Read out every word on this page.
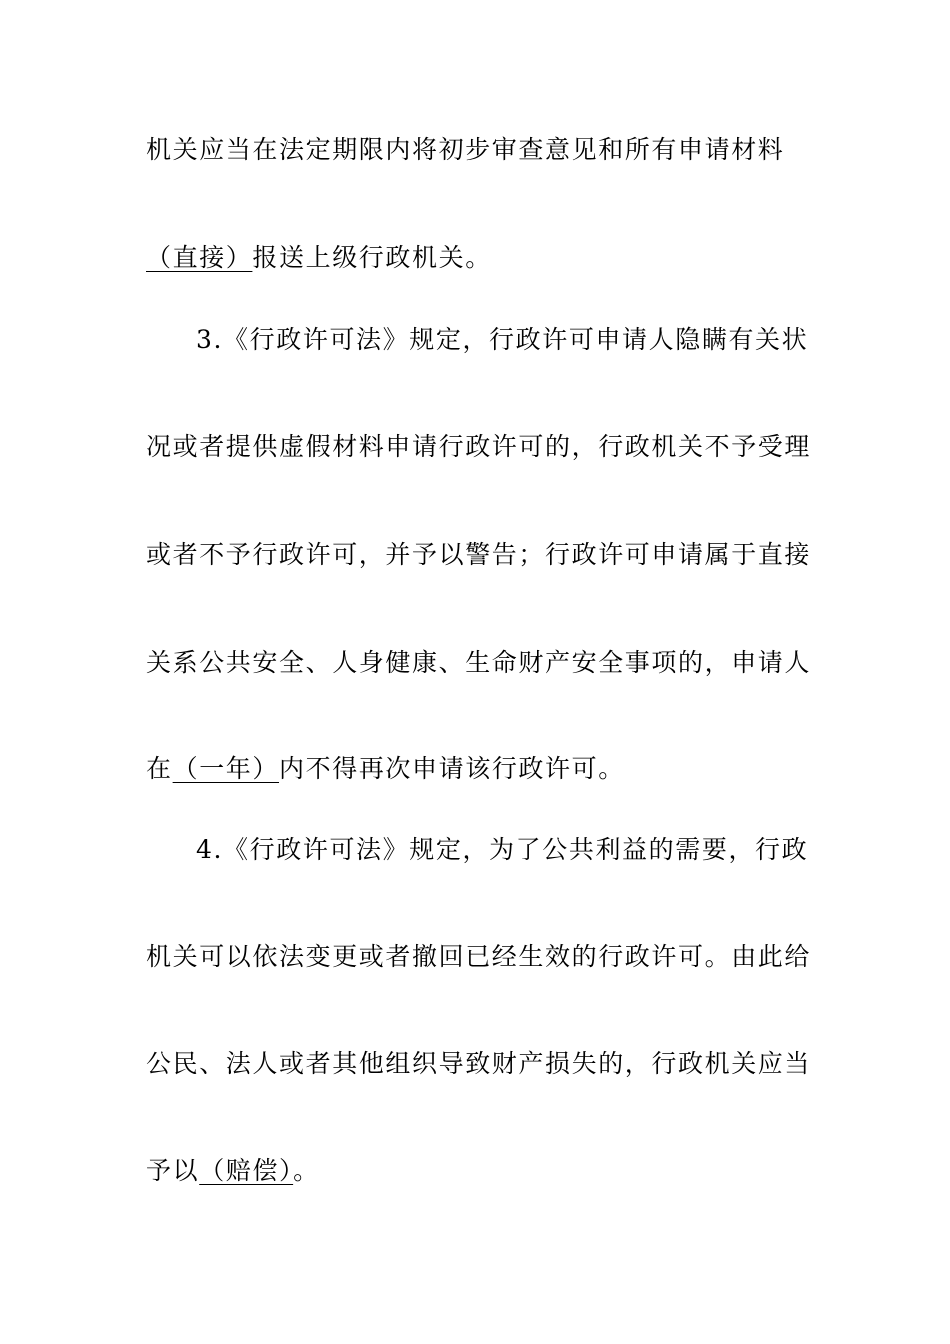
机关应当在法定期限内将初步审查意见和所有申请材料
（直接）报送上级行政机关。
3.《行政许可法》规定，行政许可申请人隐瞒有关状
况或者提供虚假材料申请行政许可的，行政机关不予受理
或者不予行政许可，并予以警告；行政许可申请属于直接
关系公共安全、人身健康、生命财产安全事项的，申请人
在（一年）内不得再次申请该行政许可。
4.《行政许可法》规定，为了公共利益的需要，行政
机关可以依法变更或者撤回已经生效的行政许可。由此给
公民、法人或者其他组织导致财产损失的，行政机关应当
予以（赔偿）。
